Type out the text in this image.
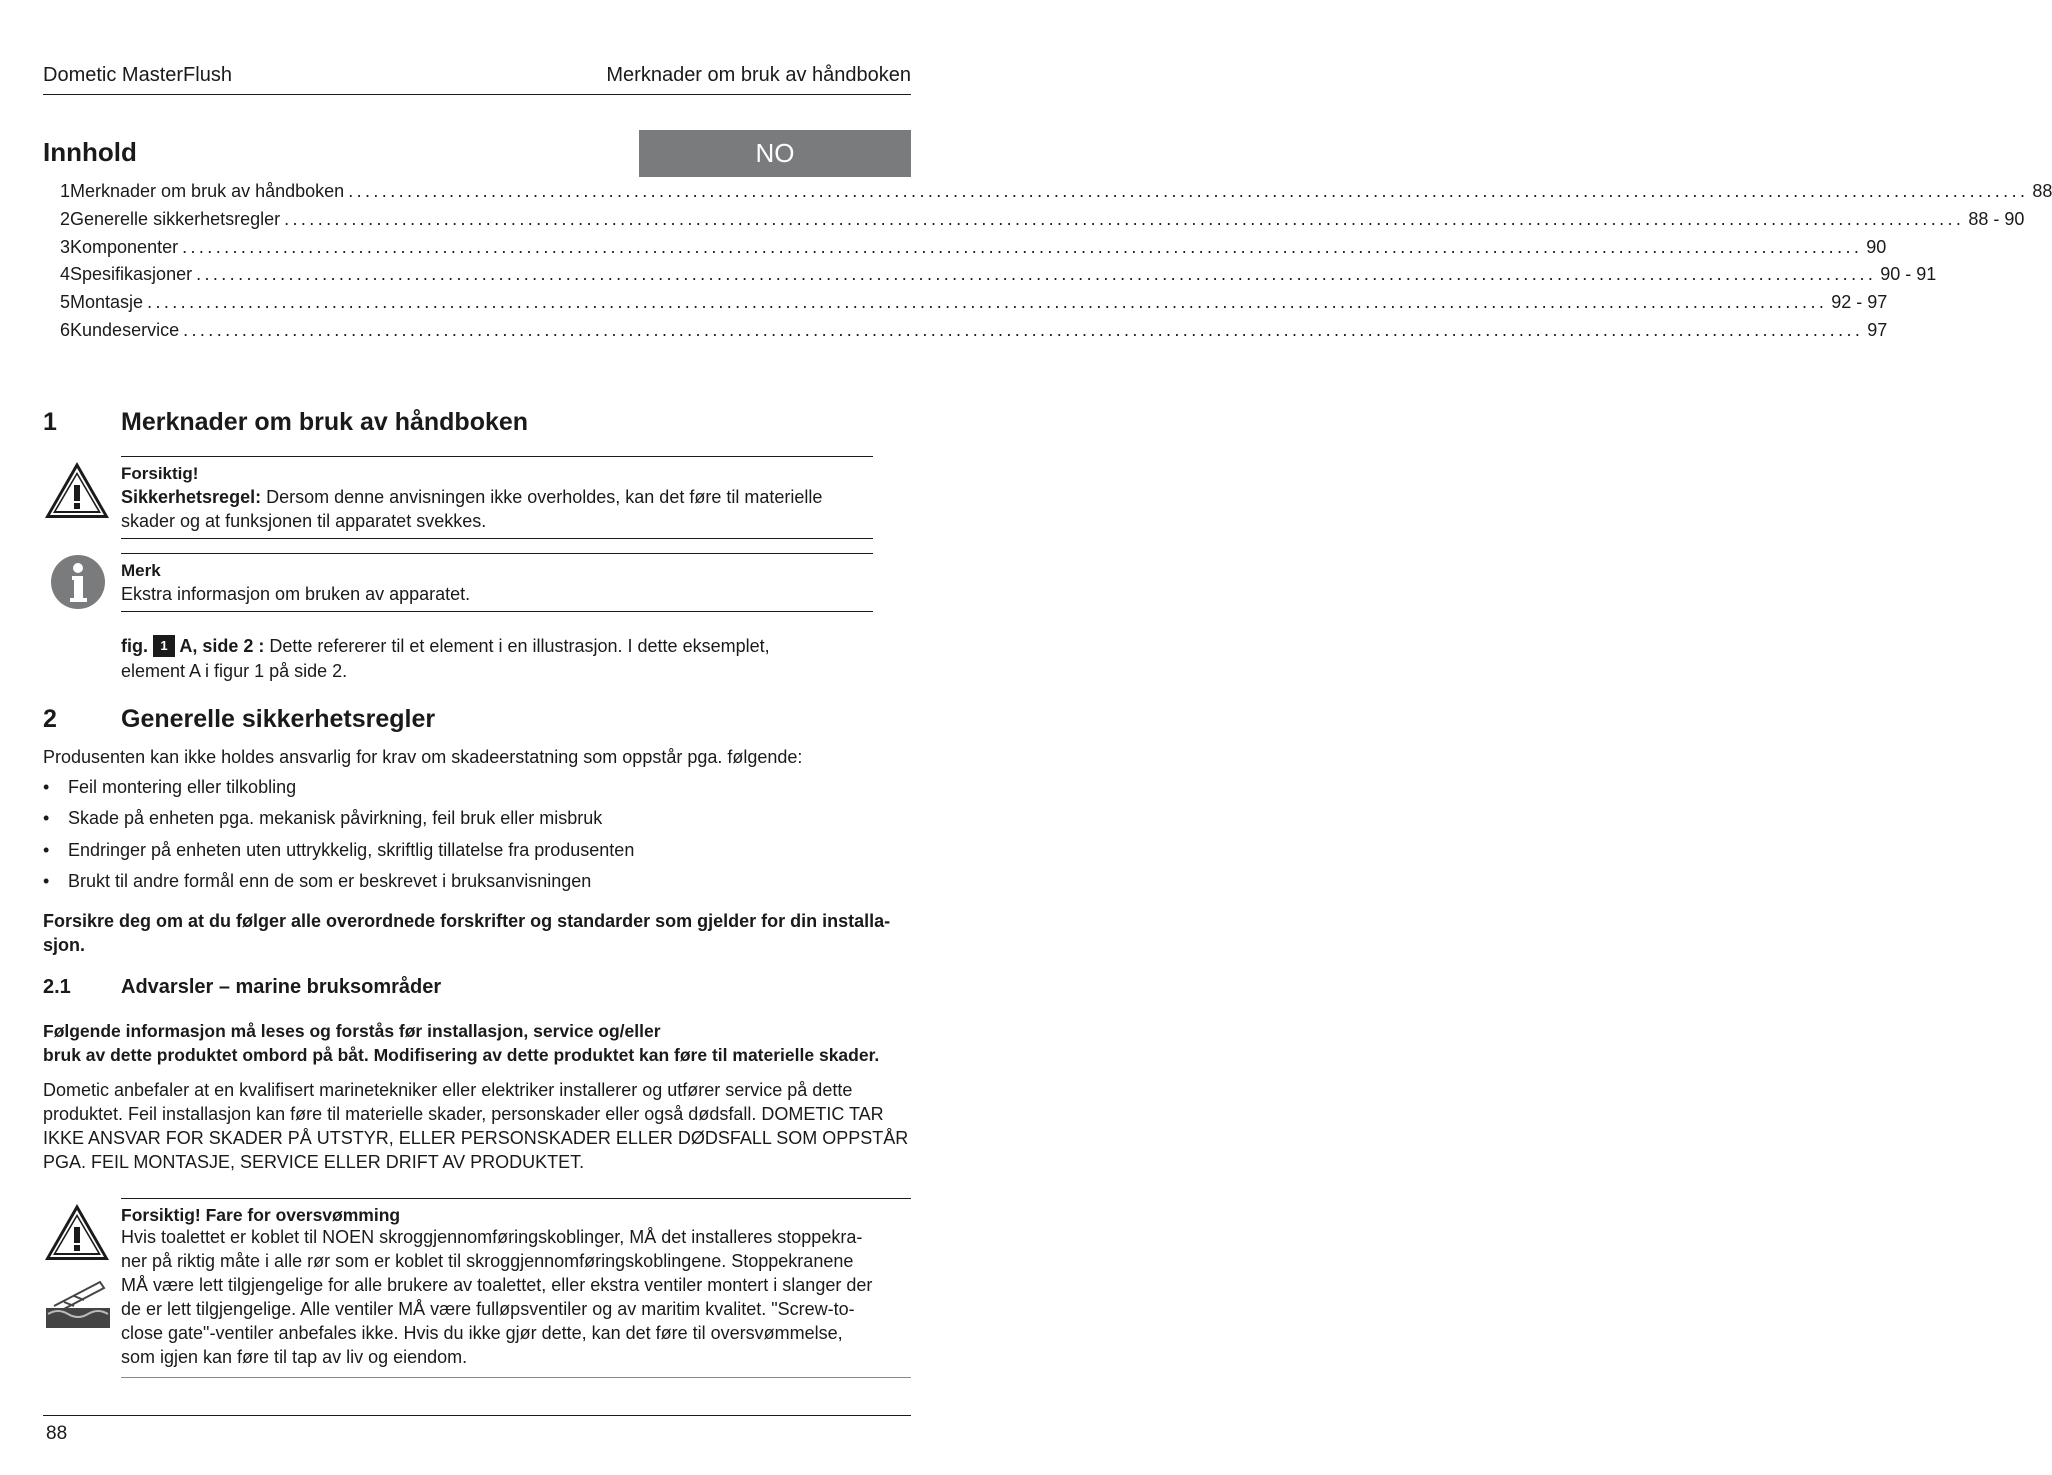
Dometic MasterFlush	Merknader om bruk av håndboken
Innhold	NO
1 Merknader om bruk av håndboken ........................................................................................................................................................................................................ 88
2 Generelle sikkerhetsregler ........................................................................................................................................................................................................ 88 - 90
3 Komponenter ........................................................................................................................................................................................................ 90
4 Spesifikasjoner ........................................................................................................................................................................................................ 90 - 91
5 Montasje ........................................................................................................................................................................................................ 92 - 97
6 Kundeservice ........................................................................................................................................................................................................ 97
1	Merknader om bruk av håndboken
Forsiktig!
Sikkerhetsregel: Dersom denne anvisningen ikke overholdes, kan det føre til materielle
skader og at funksjonen til apparatet svekkes.
Merk
Ekstra informasjon om bruken av apparatet.
fig. 1 A, side 2 : Dette refererer til et element i en illustrasjon. I dette eksemplet,
element A i figur 1 på side 2.
2	Generelle sikkerhetsregler
Produsenten kan ikke holdes ansvarlig for krav om skadeerstatning som oppstår pga. følgende:
• Feil montering eller tilkobling
• Skade på enheten pga. mekanisk påvirkning, feil bruk eller misbruk
• Endringer på enheten uten uttrykkelig, skriftlig tillatelse fra produsenten
• Brukt til andre formål enn de som er beskrevet i bruksanvisningen
Forsikre deg om at du følger alle overordnede forskrifter og standarder som gjelder for din installa-
sjon.
2.1	Advarsler – marine bruksområder
Følgende informasjon må leses og forstås før installasjon, service og/eller
bruk av dette produktet ombord på båt. Modifisering av dette produktet kan føre til materielle skader.
Dometic anbefaler at en kvalifisert marinetekniker eller elektriker installerer og utfører service på dette
produktet. Feil installasjon kan føre til materielle skader, personskader eller også dødsfall. DOMETIC TAR
IKKE ANSVAR FOR SKADER PÅ UTSTYR, ELLER PERSONSKADER ELLER DØDSFALL SOM OPPSTÅR
PGA. FEIL MONTASJE, SERVICE ELLER DRIFT AV PRODUKTET.
Forsiktig! Fare for oversvømming
Hvis toalettet er koblet til NOEN skroggjennomføringskoblinger, MÅ det installeres stoppekra-
ner på riktig måte i alle rør som er koblet til skroggjennomføringskoblingene. Stoppekranene
MÅ være lett tilgjengelige for alle brukere av toalettet, eller ekstra ventiler montert i slanger der
de er lett tilgjengelige. Alle ventiler MÅ være fulløpsventiler og av maritim kvalitet. "Screw-to-
close gate"-ventiler anbefales ikke. Hvis du ikke gjør dette, kan det føre til oversvømmelse,
som igjen kan føre til tap av liv og eiendom.
88
